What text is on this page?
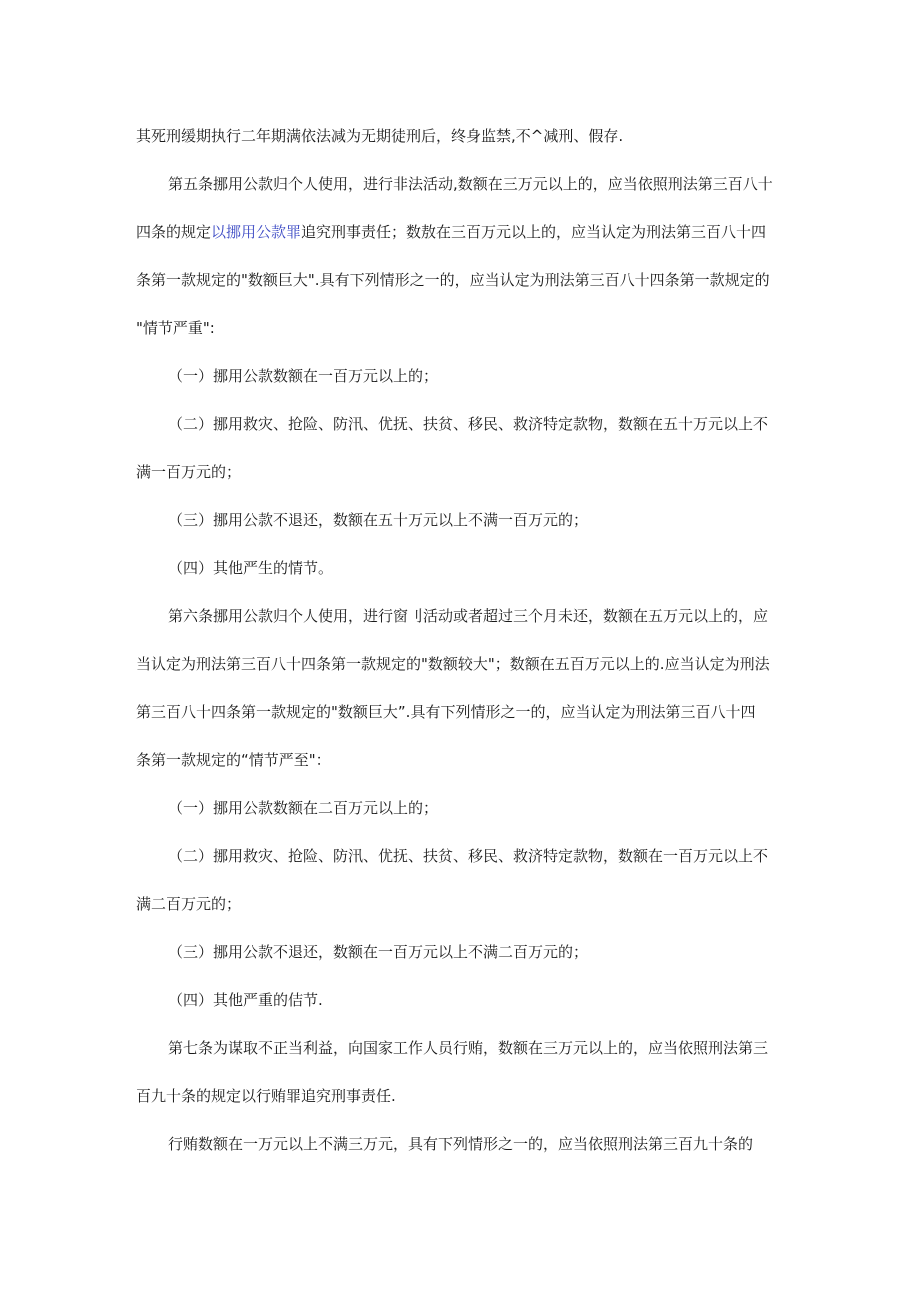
其死刑缓期执行二年期满依法减为无期徒刑后，终身监禁,不^减刑、假存.
第五条挪用公款归个人使用，进行非法活动,数额在三万元以上的，应当依照刑法第三百八十
四条的规定以挪用公款罪追究刑事责任；数敖在三百万元以上的，应当认定为刑法第三百八十四
条第一款规定的"数额巨大".具有下列情形之一的，应当认定为刑法第三百八十四条第一款规定的
"情节严重":
（一）挪用公款数额在一百万元以上的；
（二）挪用救灾、抢险、防汛、优抚、扶贫、移民、救济特定款物，数额在五十万元以上不
满一百万元的；
（三）挪用公款不退还，数额在五十万元以上不满一百万元的；
（四）其他严生的情节。
第六条挪用公款归个人使用，进行窗刂活动或者超过三个月未还，数额在五万元以上的，应
当认定为刑法第三百八十四条第一款规定的"数额较大"；数额在五百万元以上的.应当认定为刑法
第三百八十四条第一款规定的"数额巨大”.具有下列情形之一的，应当认定为刑法第三百八十四
条第一款规定的“情节严至"：
（一）挪用公款数额在二百万元以上的；
（二）挪用救灾、抢险、防汛、优抚、扶贫、移民、救济特定款物，数额在一百万元以上不
满二百万元的；
（三）挪用公款不退还，数额在一百万元以上不满二百万元的；
（四）其他严重的佶节.
第七条为谋取不正当利益，向国家工作人员行贿，数额在三万元以上的，应当依照刑法第三
百九十条的规定以行贿罪追究刑事责任.
行贿数额在一万元以上不满三万元，具有下列情形之一的，应当依照刑法第三百九十条的
